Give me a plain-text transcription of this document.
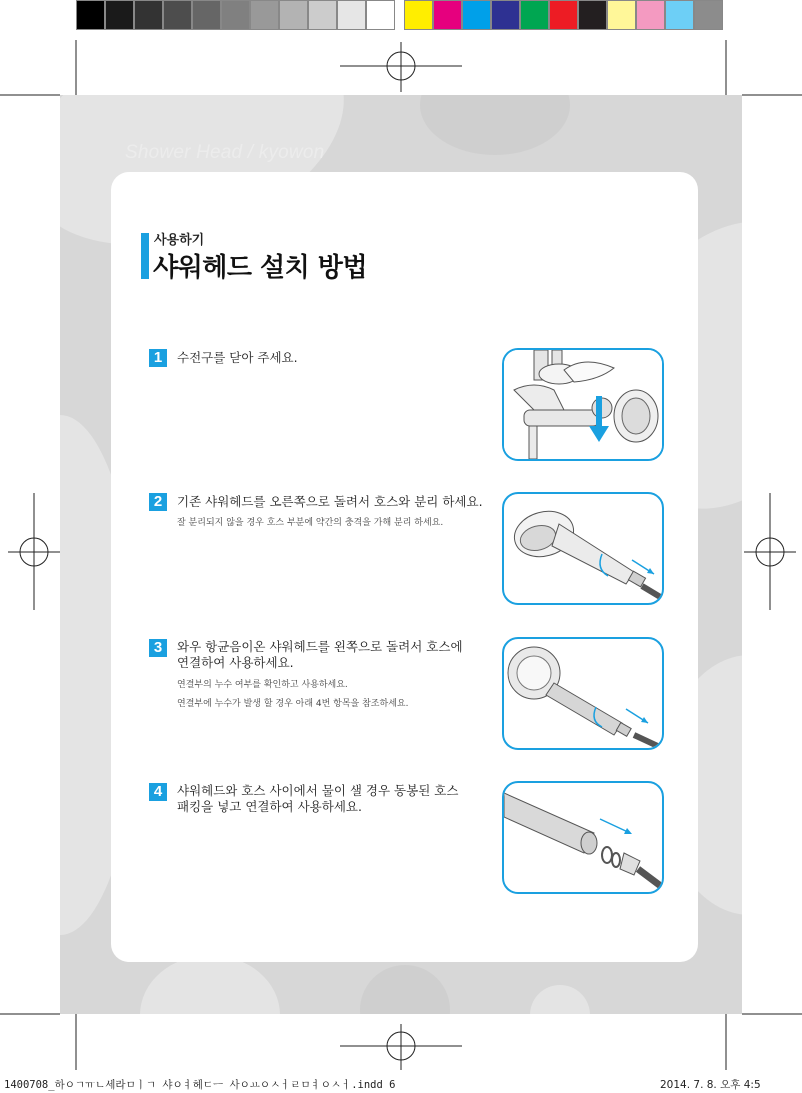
Shower Head / kyowon
사용하기
샤워헤드 설치 방법
1	수전구를 닫아 주세요.
2	기존 샤워헤드를 오른쪽으로 돌려서 호스와 분리 하세요.
잘 분리되지 않을 경우 호스 부분에 약간의 충격을 가해 분리 하세요.
3	와우 항균음이온 샤워헤드를 왼쪽으로 돌려서 호스에
연결하여 사용하세요.
연결부의 누수 여부를 확인하고 사용하세요.
연결부에 누수가 발생 할 경우 아래 4번 항목을 참조하세요.
4	샤워헤드와 호스 사이에서 물이 샐 경우 동봉된 호스
패킹을 넣고 연결하여 사용하세요.
1400708_하ㅇㄱㅠㄴ세라ㅁㅣㄱ 샤ㅇㅕ헤ㄷㅡ 사ㅇㅛㅇㅅㅓㄹㅁㅕㅇㅅㅓ.indd 6	2014. 7. 8. 오후 4:5
